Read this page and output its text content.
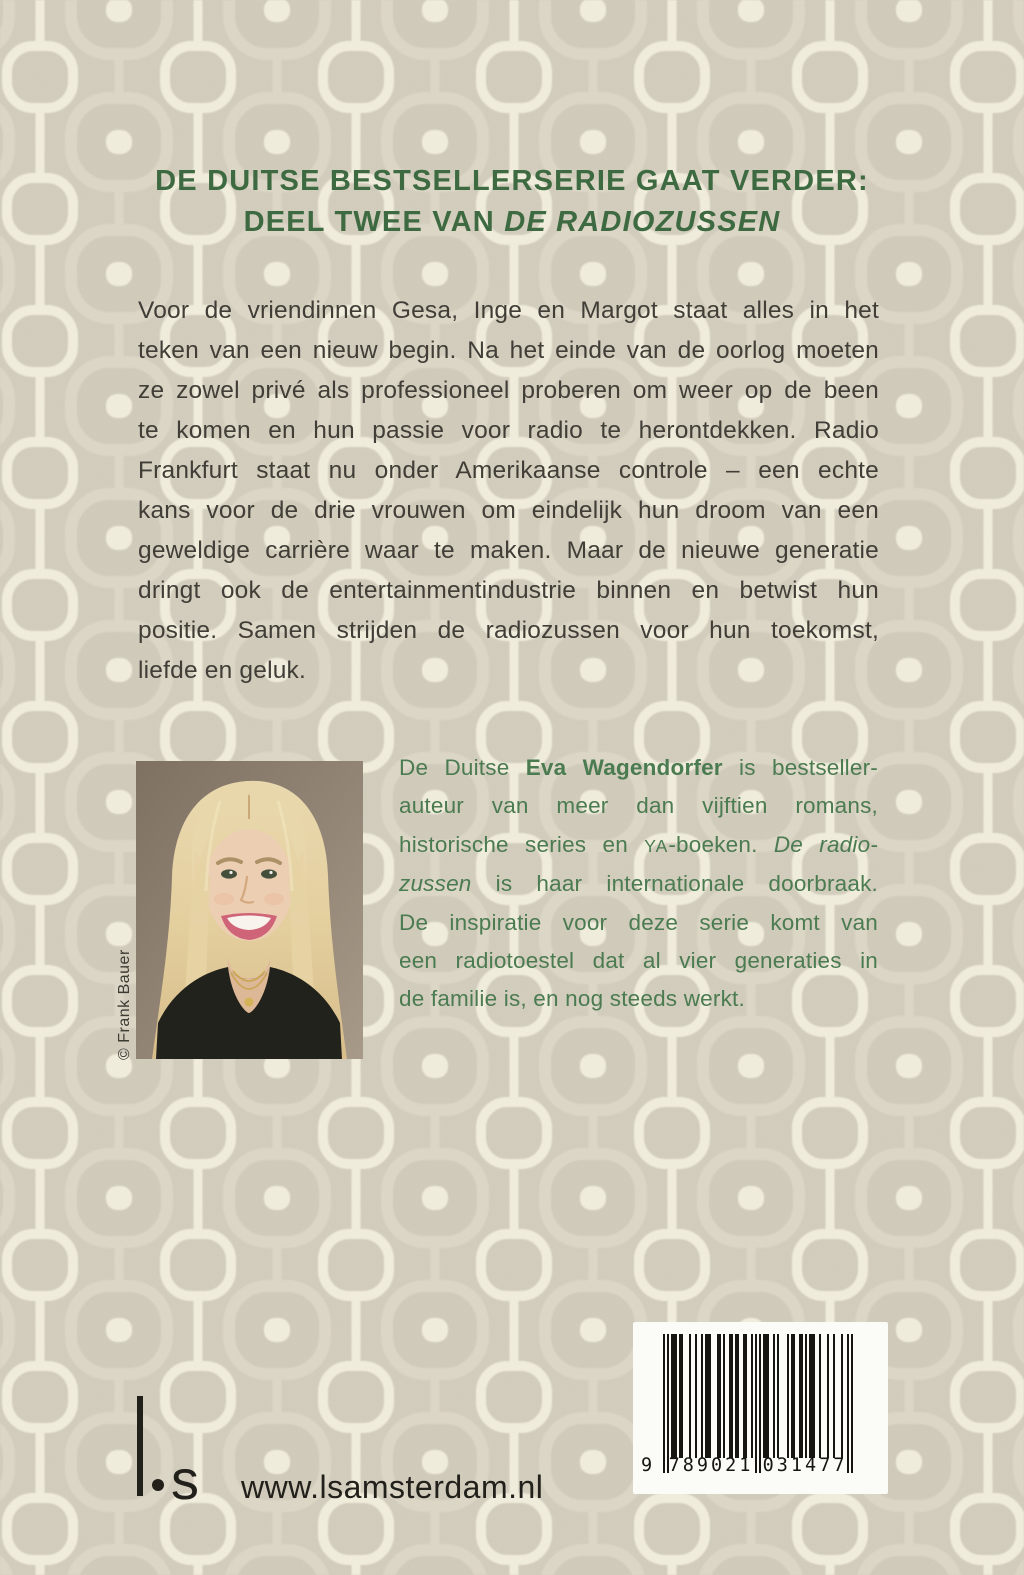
DE DUITSE BESTSELLERSERIE GAAT VERDER:
DEEL TWEE VAN DE RADIOZUSSEN
Voor de vriendinnen Gesa, Inge en Margot staat alles in het
teken van een nieuw begin. Na het einde van de oorlog moeten
ze zowel privé als professioneel proberen om weer op de been
te komen en hun passie voor radio te herontdekken. Radio
Frankfurt staat nu onder Amerikaanse controle – een echte
kans voor de drie vrouwen om eindelijk hun droom van een
geweldige carrière waar te maken. Maar de nieuwe generatie
dringt ook de entertainmentindustrie binnen en betwist hun
positie. Samen strijden de radiozussen voor hun toekomst,
liefde en geluk.
© Frank Bauer
De Duitse Eva Wagendorfer is bestseller-
auteur van meer dan vijftien romans,
historische series en YA-boeken. De radio-
zussen is haar internationale doorbraak.
De inspiratie voor deze serie komt van
een radiotoestel dat al vier generaties in
de familie is, en nog steeds werkt.
s www.lsamsterdam.nl
9 789021 031477
